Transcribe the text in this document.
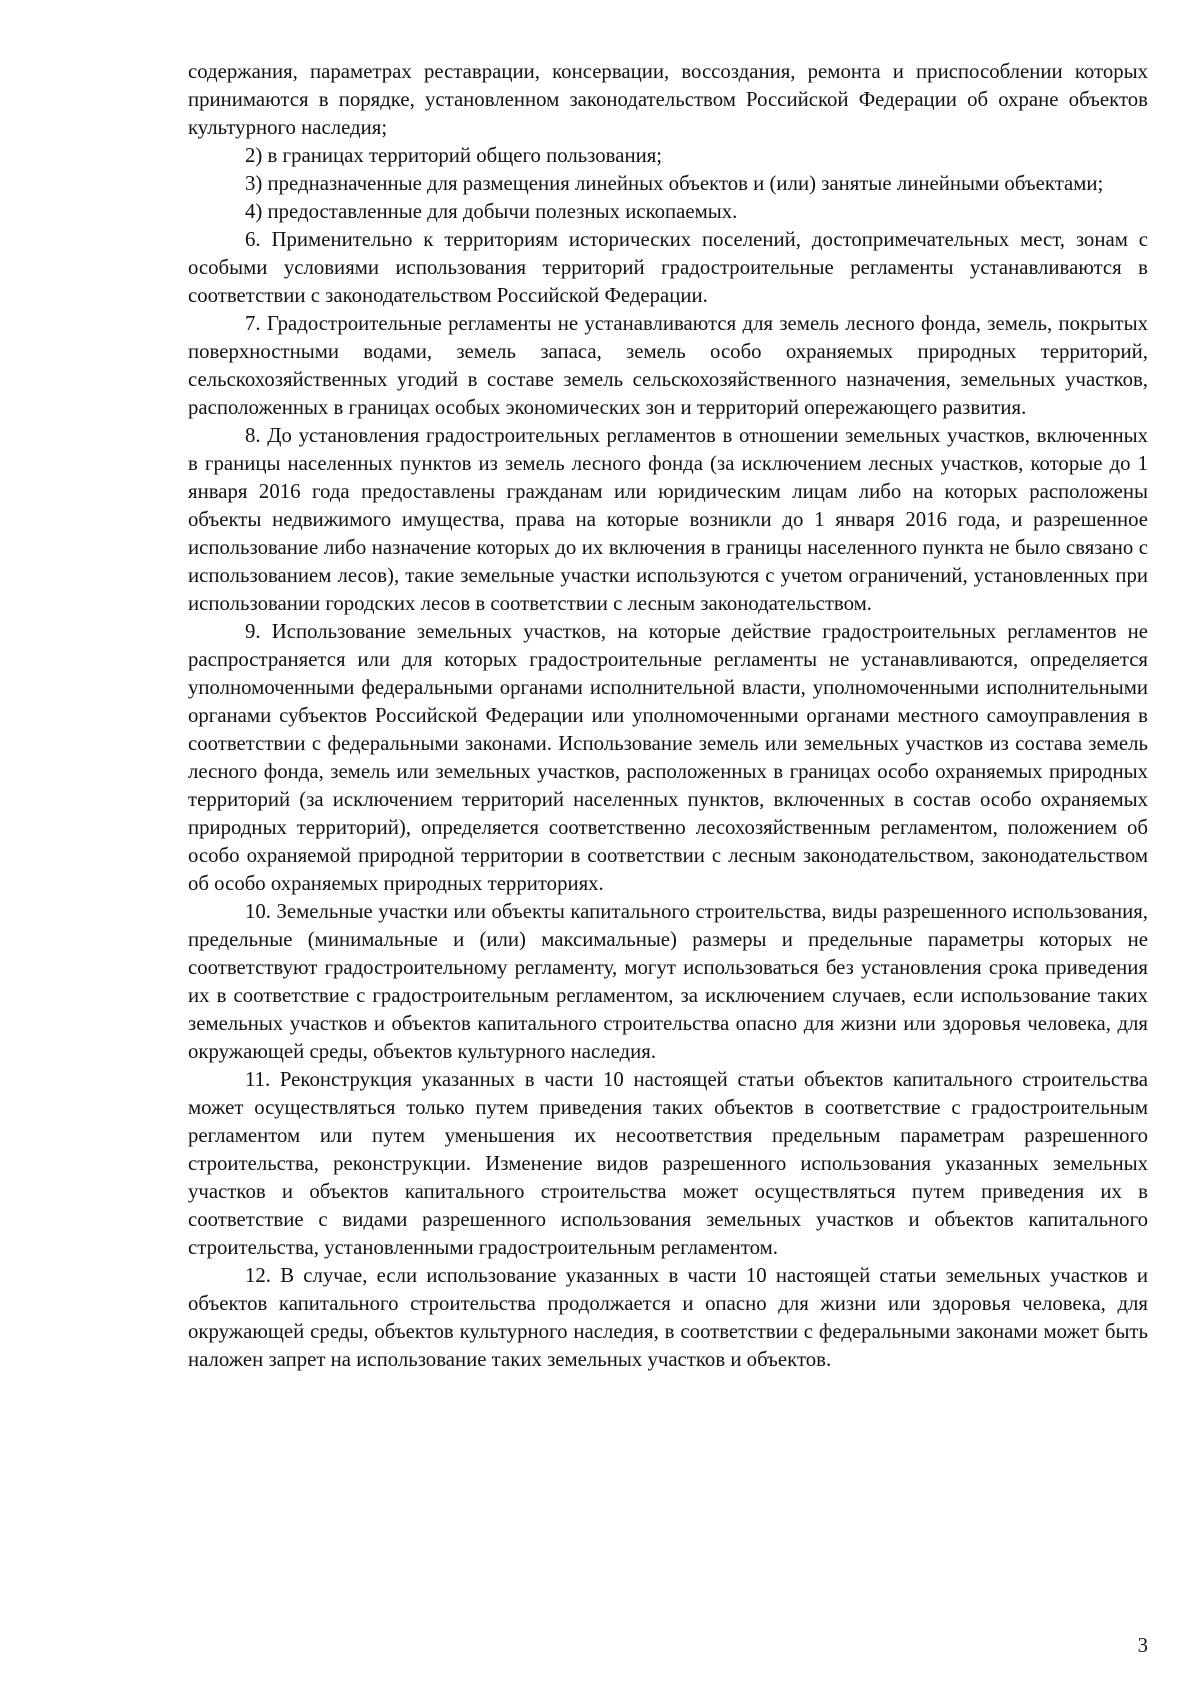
содержания, параметрах реставрации, консервации, воссоздания, ремонта и приспособлении которых принимаются в порядке, установленном законодательством Российской Федерации об охране объектов культурного наследия;

2) в границах территорий общего пользования;

3) предназначенные для размещения линейных объектов и (или) занятые линейными объектами;

4) предоставленные для добычи полезных ископаемых.

6. Применительно к территориям исторических поселений, достопримечательных мест, зонам с особыми условиями использования территорий градостроительные регламенты устанавливаются в соответствии с законодательством Российской Федерации.

7. Градостроительные регламенты не устанавливаются для земель лесного фонда, земель, покрытых поверхностными водами, земель запаса, земель особо охраняемых природных территорий, сельскохозяйственных угодий в составе земель сельскохозяйственного назначения, земельных участков, расположенных в границах особых экономических зон и территорий опережающего развития.

8. До установления градостроительных регламентов в отношении земельных участков, включенных в границы населенных пунктов из земель лесного фонда (за исключением лесных участков, которые до 1 января 2016 года предоставлены гражданам или юридическим лицам либо на которых расположены объекты недвижимого имущества, права на которые возникли до 1 января 2016 года, и разрешенное использование либо назначение которых до их включения в границы населенного пункта не было связано с использованием лесов), такие земельные участки используются с учетом ограничений, установленных при использовании городских лесов в соответствии с лесным законодательством.

9. Использование земельных участков, на которые действие градостроительных регламентов не распространяется или для которых градостроительные регламенты не устанавливаются, определяется уполномоченными федеральными органами исполнительной власти, уполномоченными исполнительными органами субъектов Российской Федерации или уполномоченными органами местного самоуправления в соответствии с федеральными законами. Использование земель или земельных участков из состава земель лесного фонда, земель или земельных участков, расположенных в границах особо охраняемых природных территорий (за исключением территорий населенных пунктов, включенных в состав особо охраняемых природных территорий), определяется соответственно лесохозяйственным регламентом, положением об особо охраняемой природной территории в соответствии с лесным законодательством, законодательством об особо охраняемых природных территориях.

10. Земельные участки или объекты капитального строительства, виды разрешенного использования, предельные (минимальные и (или) максимальные) размеры и предельные параметры которых не соответствуют градостроительному регламенту, могут использоваться без установления срока приведения их в соответствие с градостроительным регламентом, за исключением случаев, если использование таких земельных участков и объектов капитального строительства опасно для жизни или здоровья человека, для окружающей среды, объектов культурного наследия.

11. Реконструкция указанных в части 10 настоящей статьи объектов капитального строительства может осуществляться только путем приведения таких объектов в соответствие с градостроительным регламентом или путем уменьшения их несоответствия предельным параметрам разрешенного строительства, реконструкции. Изменение видов разрешенного использования указанных земельных участков и объектов капитального строительства может осуществляться путем приведения их в соответствие с видами разрешенного использования земельных участков и объектов капитального строительства, установленными градостроительным регламентом.

12. В случае, если использование указанных в части 10 настоящей статьи земельных участков и объектов капитального строительства продолжается и опасно для жизни или здоровья человека, для окружающей среды, объектов культурного наследия, в соответствии с федеральными законами может быть наложен запрет на использование таких земельных участков и объектов.

3
